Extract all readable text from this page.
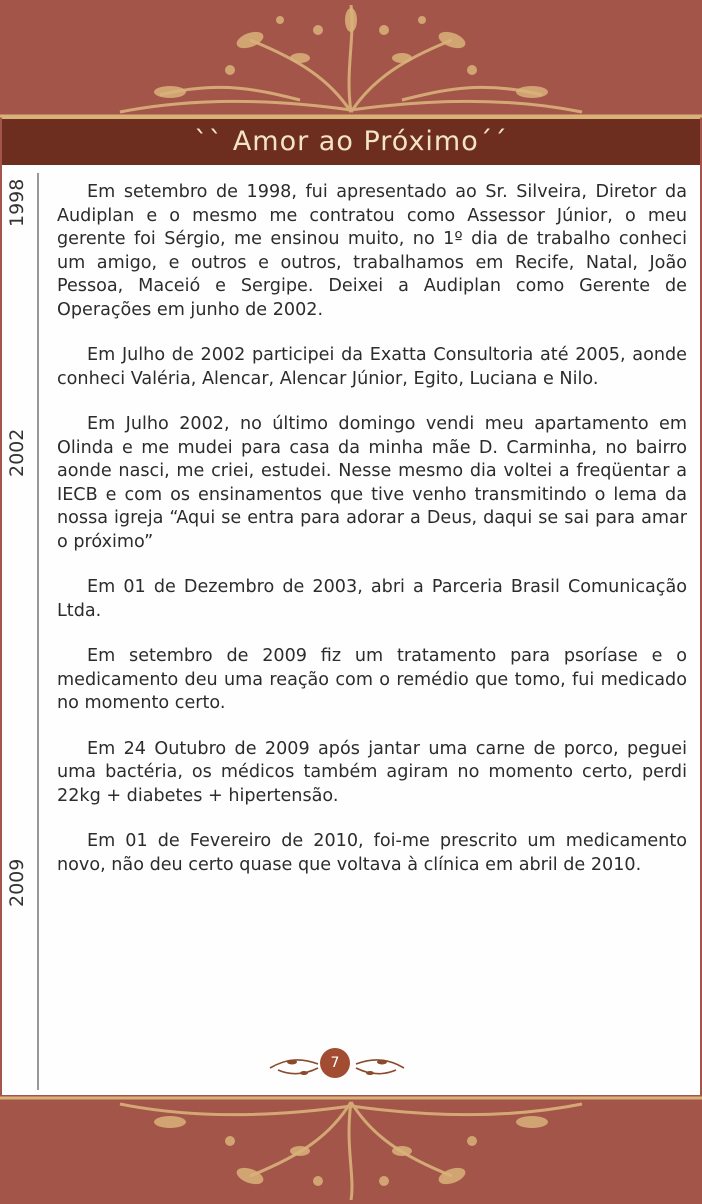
`` Amor ao Próximo´´
1998
2002
2009

Em setembro de 1998, fui apresentado ao Sr. Silveira, Diretor da Audiplan e o mesmo me contratou como Assessor Júnior, o meu gerente foi Sérgio, me ensinou muito, no 1º dia de trabalho conheci um amigo, e outros e outros, trabalhamos em Recife, Natal, João Pessoa, Maceió e Sergipe. Deixei a Audiplan como Gerente de Operações em junho de 2002.

Em Julho de 2002 participei da Exatta Consultoria até 2005, aonde conheci Valéria, Alencar, Alencar Júnior, Egito, Luciana e Nilo.

Em Julho 2002, no último domingo vendi meu apartamento em Olinda e me mudei para casa da minha mãe D. Carminha, no bairro aonde nasci, me criei, estudei. Nesse mesmo dia voltei a freqüentar a IECB e com os ensinamentos que tive venho transmitindo o lema da nossa igreja “Aqui se entra para adorar a Deus, daqui se sai para amar o próximo”

Em 01 de Dezembro de 2003, abri a Parceria Brasil Comunicação Ltda.

Em setembro de 2009 fiz um tratamento para psoríase e o medicamento deu uma reação com o remédio que tomo, fui medicado no momento certo.

Em 24 Outubro de 2009 após jantar uma carne de porco, peguei uma bactéria, os médicos também agiram no momento certo, perdi 22kg + diabetes + hipertensão.

Em 01 de Fevereiro de 2010, foi-me prescrito um medicamento novo, não deu certo quase que voltava à clínica em abril de 2010.

7
